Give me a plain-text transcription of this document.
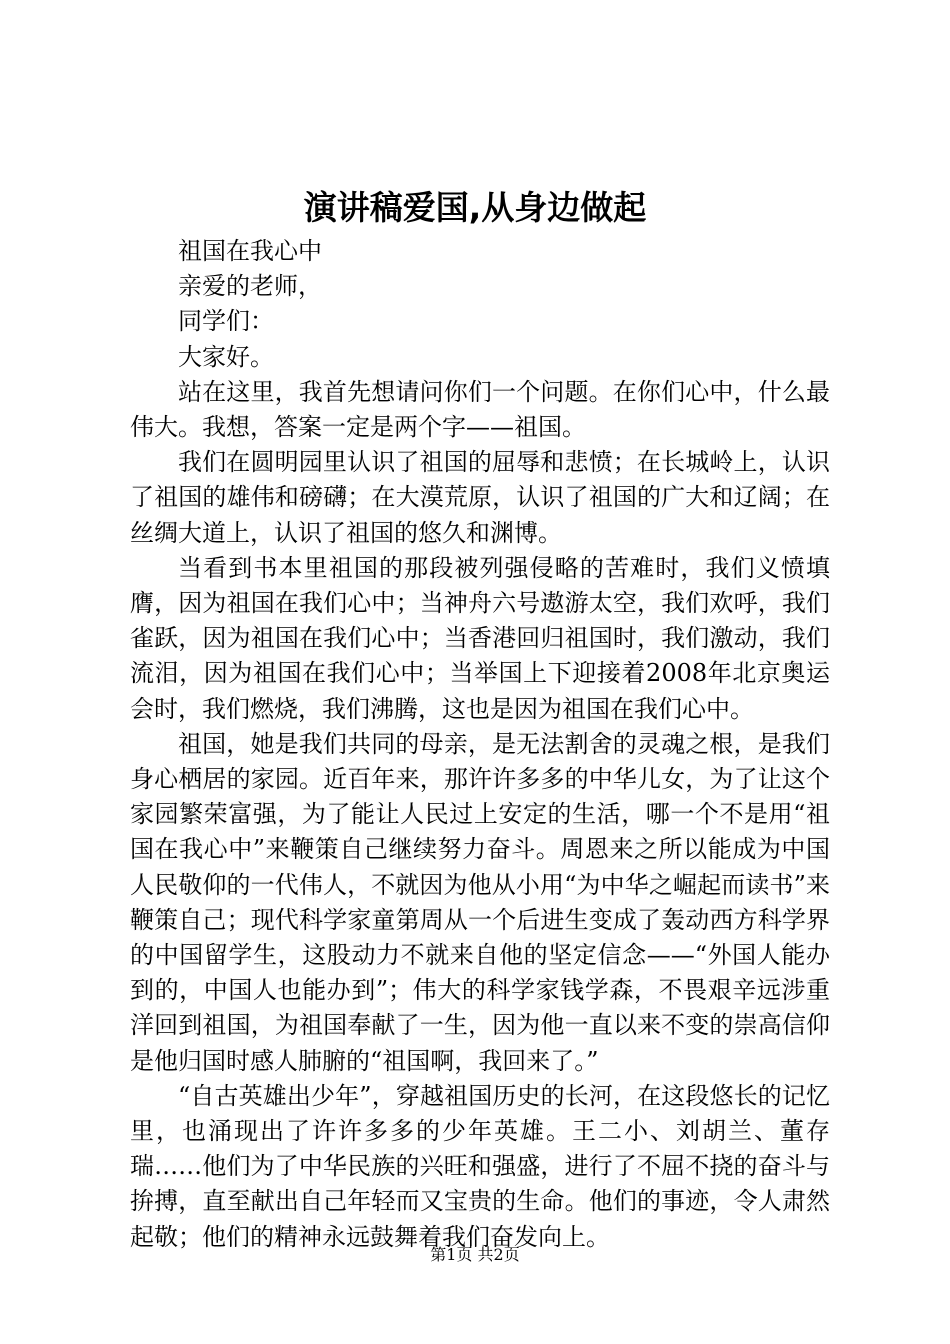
演讲稿爱国,从身边做起

祖国在我心中

亲爱的老师，

同学们：

大家好。

站在这里，我首先想请问你们一个问题。在你们心中，什么最伟大。我想，答案一定是两个字——祖国。

我们在圆明园里认识了祖国的屈辱和悲愤；在长城岭上，认识了祖国的雄伟和磅礴；在大漠荒原，认识了祖国的广大和辽阔；在丝绸大道上，认识了祖国的悠久和渊博。

当看到书本里祖国的那段被列强侵略的苦难时，我们义愤填膺，因为祖国在我们心中；当神舟六号遨游太空，我们欢呼，我们雀跃，因为祖国在我们心中；当香港回归祖国时，我们激动，我们流泪，因为祖国在我们心中；当举国上下迎接着2008年北京奥运会时，我们燃烧，我们沸腾，这也是因为祖国在我们心中。

祖国，她是我们共同的母亲，是无法割舍的灵魂之根，是我们身心栖居的家园。近百年来，那许许多多的中华儿女，为了让这个家园繁荣富强，为了能让人民过上安定的生活，哪一个不是用“祖国在我心中”来鞭策自己继续努力奋斗。周恩来之所以能成为中国人民敬仰的一代伟人，不就因为他从小用“为中华之崛起而读书”来鞭策自己；现代科学家童第周从一个后进生变成了轰动西方科学界的中国留学生，这股动力不就来自他的坚定信念——“外国人能办到的，中国人也能办到”；伟大的科学家钱学森，不畏艰辛远涉重洋回到祖国，为祖国奉献了一生，因为他一直以来不变的崇高信仰是他归国时感人肺腑的“祖国啊，我回来了。”

“自古英雄出少年”，穿越祖国历史的长河，在这段悠长的记忆里，也涌现出了许许多多的少年英雄。王二小、刘胡兰、董存瑞……他们为了中华民族的兴旺和强盛，进行了不屈不挠的奋斗与拚搏，直至献出自己年轻而又宝贵的生命。他们的事迹，令人肃然起敬；他们的精神永远鼓舞着我们奋发向上。

第1页 共2页
